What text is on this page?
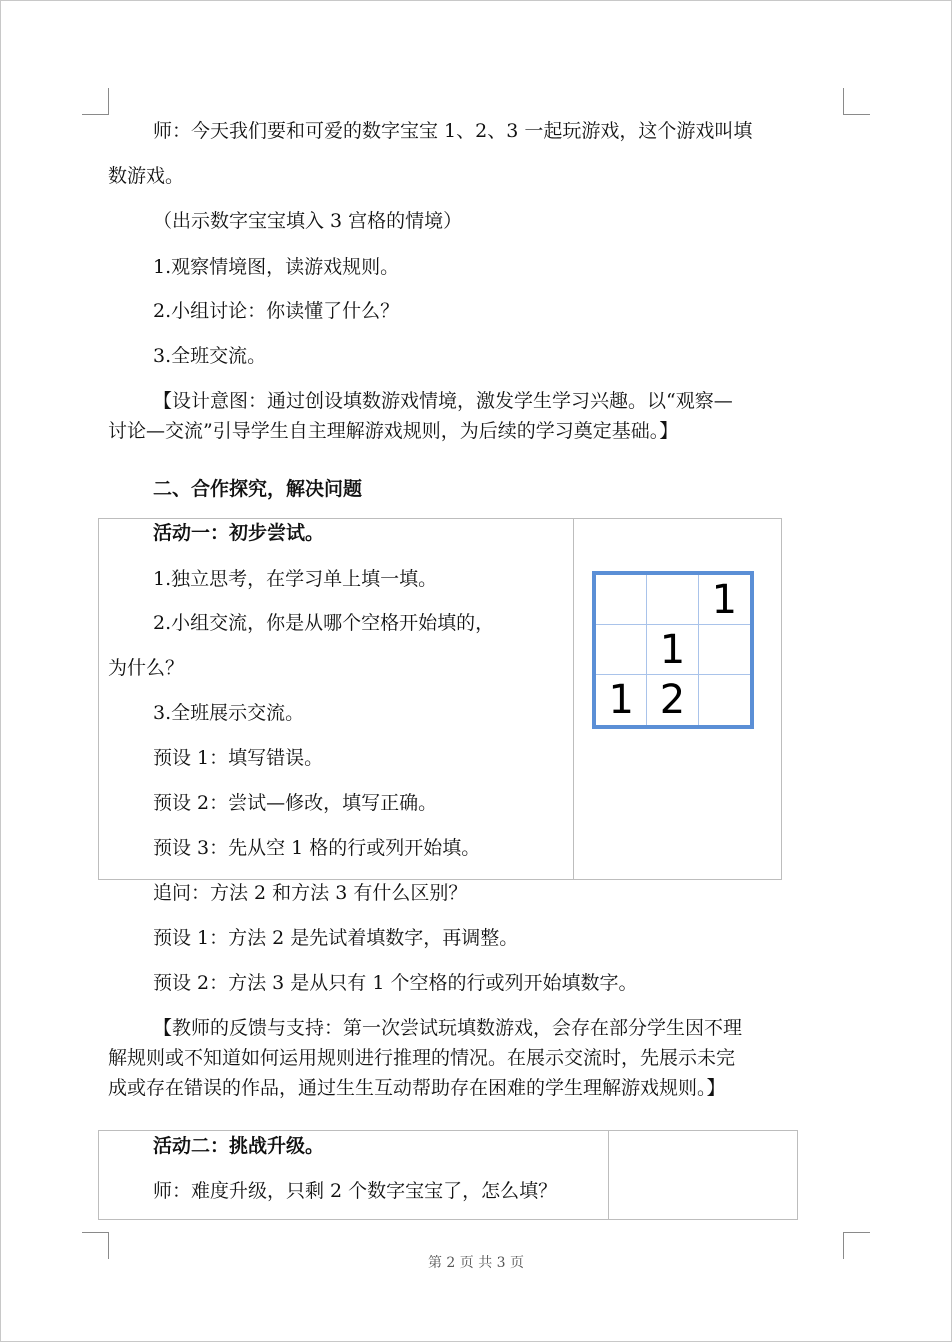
师：今天我们要和可爱的数字宝宝 1、2、3 一起玩游戏，这个游戏叫填

数游戏。

（出示数字宝宝填入 3 宫格的情境）

1.观察情境图，读游戏规则。

2.小组讨论：你读懂了什么？

3.全班交流。

【设计意图：通过创设填数游戏情境，激发学生学习兴趣。以“观察—

讨论—交流”引导学生自主理解游戏规则，为后续的学习奠定基础。】

二、合作探究，解决问题

活动一：初步尝试。

1.独立思考，在学习单上填一填。

2.小组交流，你是从哪个空格开始填的，

为什么？

3.全班展示交流。

预设 1：填写错误。

预设 2：尝试—修改，填写正确。

预设 3：先从空 1 格的行或列开始填。

1
1
1 2

追问：方法 2 和方法 3 有什么区别？

预设 1：方法 2 是先试着填数字，再调整。

预设 2：方法 3 是从只有 1 个空格的行或列开始填数字。

【教师的反馈与支持：第一次尝试玩填数游戏，会存在部分学生因不理

解规则或不知道如何运用规则进行推理的情况。在展示交流时，先展示未完

成或存在错误的作品，通过生生互动帮助存在困难的学生理解游戏规则。】

活动二：挑战升级。

师：难度升级，只剩 2 个数字宝宝了，怎么填？

第 2 页 共 3 页
